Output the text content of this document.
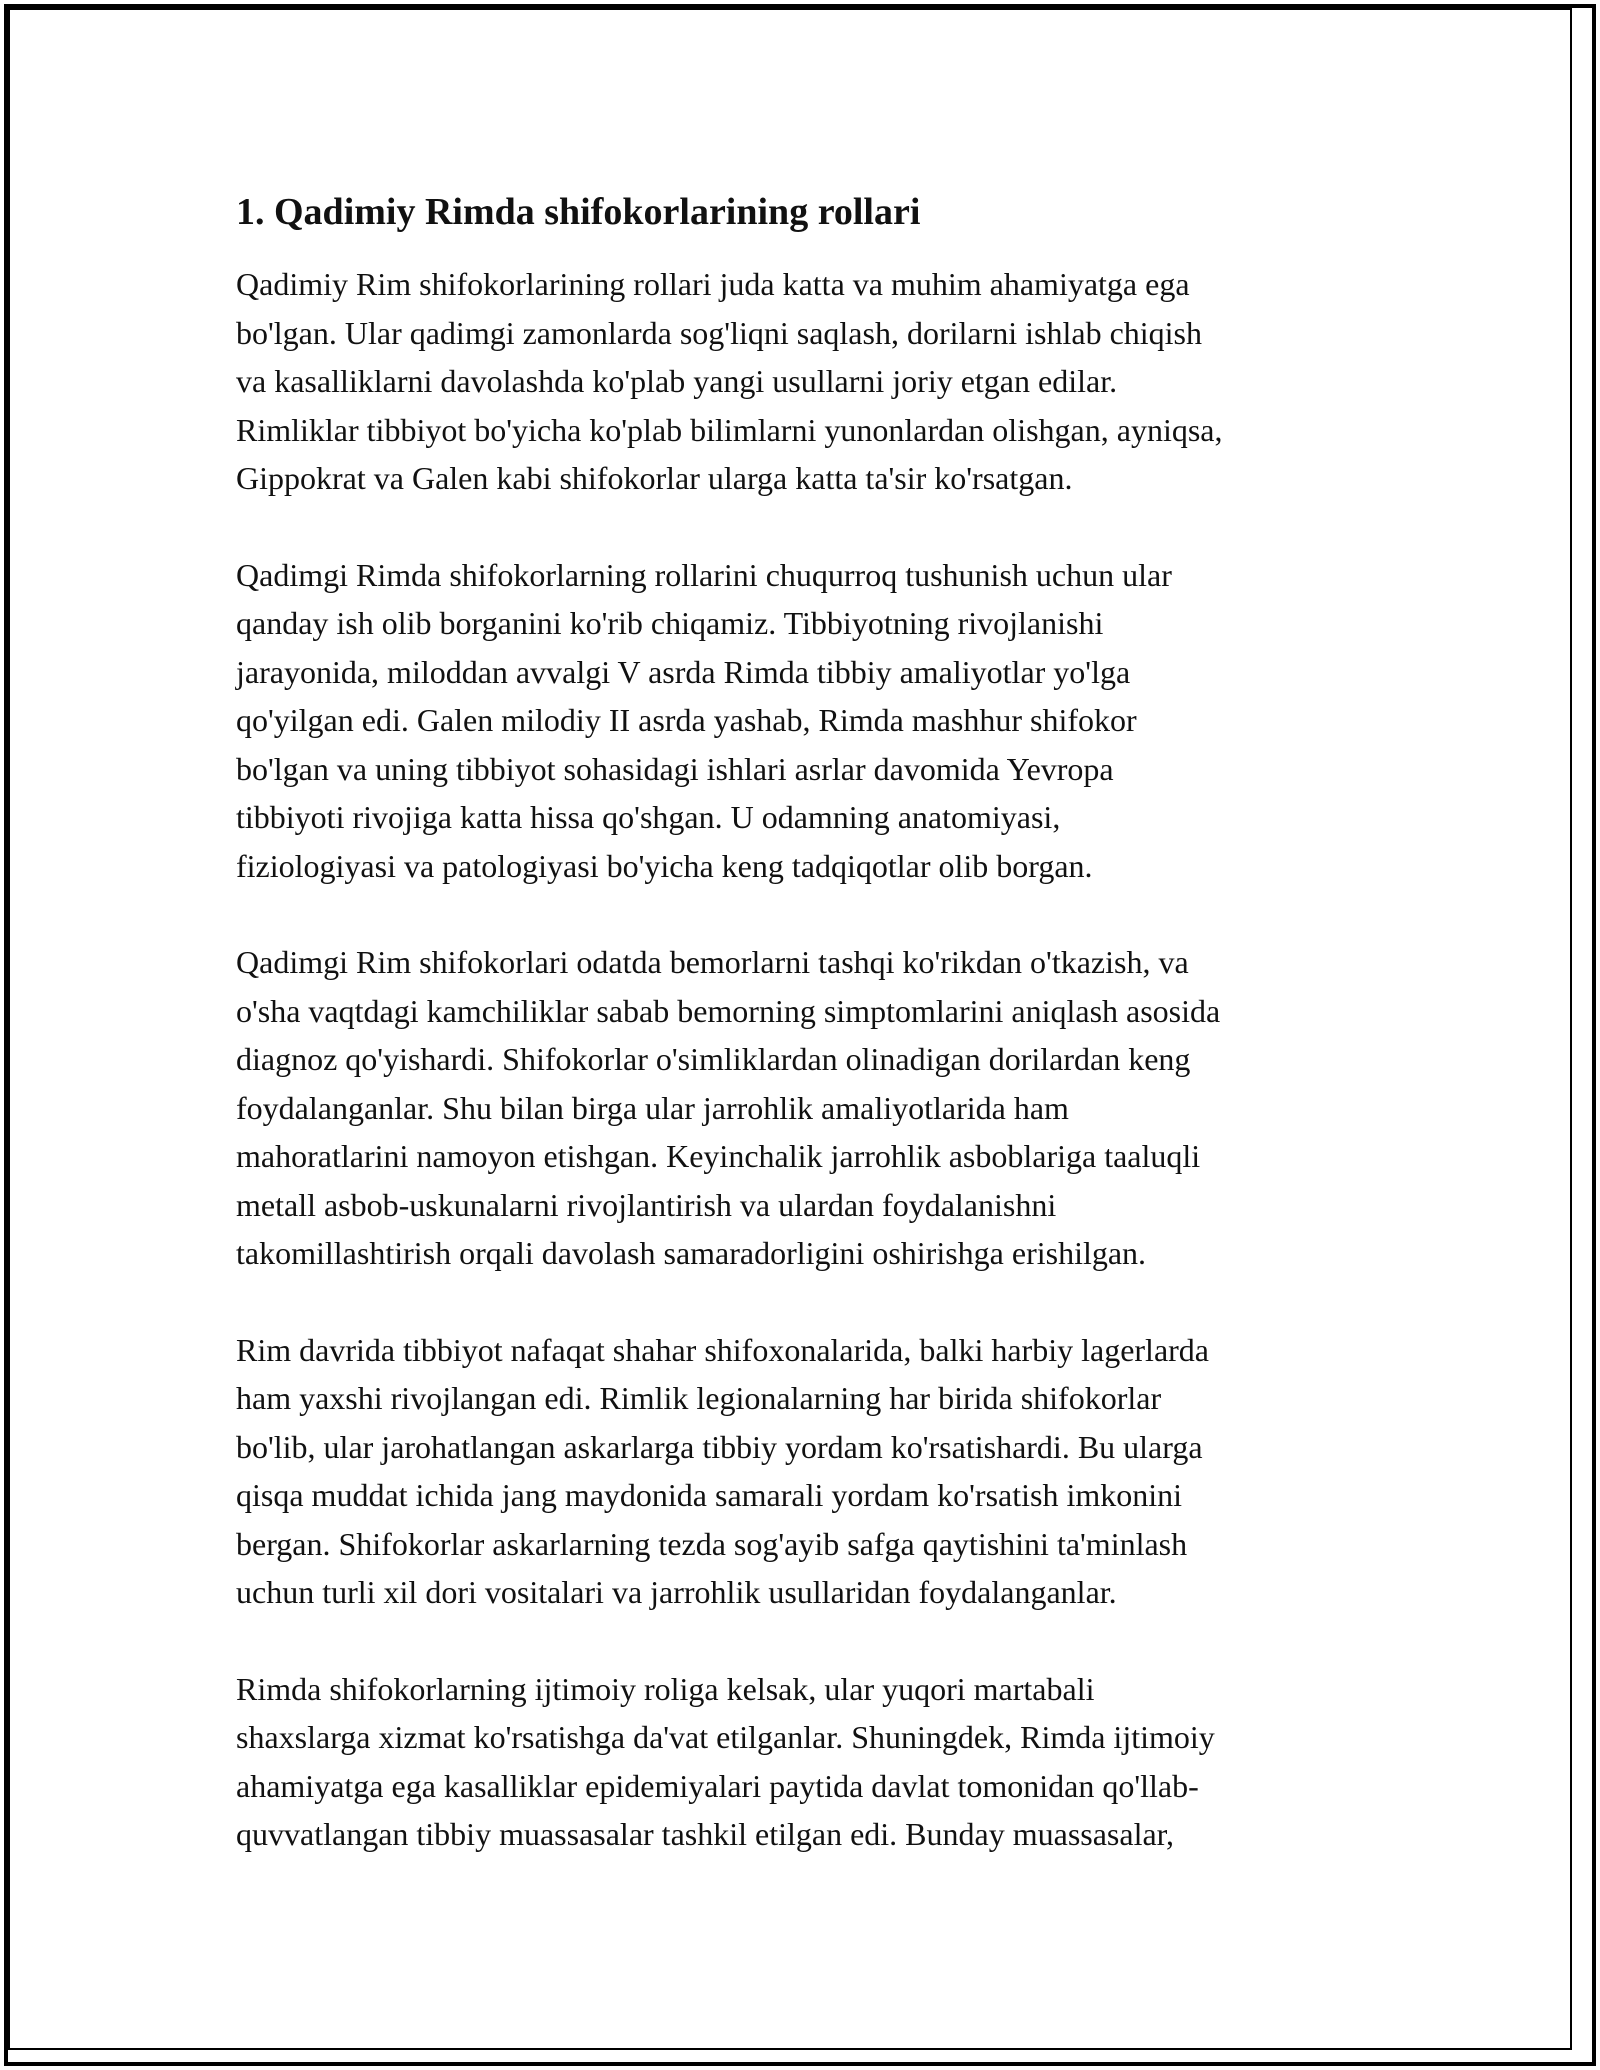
1. Qadimiy Rimda shifokorlarining rollari

Qadimiy Rim shifokorlarining rollari juda katta va muhim ahamiyatga ega
bo'lgan. Ular qadimgi zamonlarda sog'liqni saqlash, dorilarni ishlab chiqish
va kasalliklarni davolashda ko'plab yangi usullarni joriy etgan edilar.
Rimliklar tibbiyot bo'yicha ko'plab bilimlarni yunonlardan olishgan, ayniqsa,
Gippokrat va Galen kabi shifokorlar ularga katta ta'sir ko'rsatgan.

Qadimgi Rimda shifokorlarning rollarini chuqurroq tushunish uchun ular
qanday ish olib borganini ko'rib chiqamiz. Tibbiyotning rivojlanishi
jarayonida, miloddan avvalgi V asrda Rimda tibbiy amaliyotlar yo'lga
qo'yilgan edi. Galen milodiy II asrda yashab, Rimda mashhur shifokor
bo'lgan va uning tibbiyot sohasidagi ishlari asrlar davomida Yevropa
tibbiyoti rivojiga katta hissa qo'shgan. U odamning anatomiyasi,
fiziologiyasi va patologiyasi bo'yicha keng tadqiqotlar olib borgan.

Qadimgi Rim shifokorlari odatda bemorlarni tashqi ko'rikdan o'tkazish, va
o'sha vaqtdagi kamchiliklar sabab bemorning simptomlarini aniqlash asosida
diagnoz qo'yishardi. Shifokorlar o'simliklardan olinadigan dorilardan keng
foydalanganlar. Shu bilan birga ular jarrohlik amaliyotlarida ham
mahoratlarini namoyon etishgan. Keyinchalik jarrohlik asboblariga taaluqli
metall asbob-uskunalarni rivojlantirish va ulardan foydalanishni
takomillashtirish orqali davolash samaradorligini oshirishga erishilgan.

Rim davrida tibbiyot nafaqat shahar shifoxonalarida, balki harbiy lagerlarda
ham yaxshi rivojlangan edi. Rimlik legionalarning har birida shifokorlar
bo'lib, ular jarohatlangan askarlarga tibbiy yordam ko'rsatishardi. Bu ularga
qisqa muddat ichida jang maydonida samarali yordam ko'rsatish imkonini
bergan. Shifokorlar askarlarning tezda sog'ayib safga qaytishini ta'minlash
uchun turli xil dori vositalari va jarrohlik usullaridan foydalanganlar.

Rimda shifokorlarning ijtimoiy roliga kelsak, ular yuqori martabali
shaxslarga xizmat ko'rsatishga da'vat etilganlar. Shuningdek, Rimda ijtimoiy
ahamiyatga ega kasalliklar epidemiyalari paytida davlat tomonidan qo'llab-
quvvatlangan tibbiy muassasalar tashkil etilgan edi. Bunday muassasalar,
